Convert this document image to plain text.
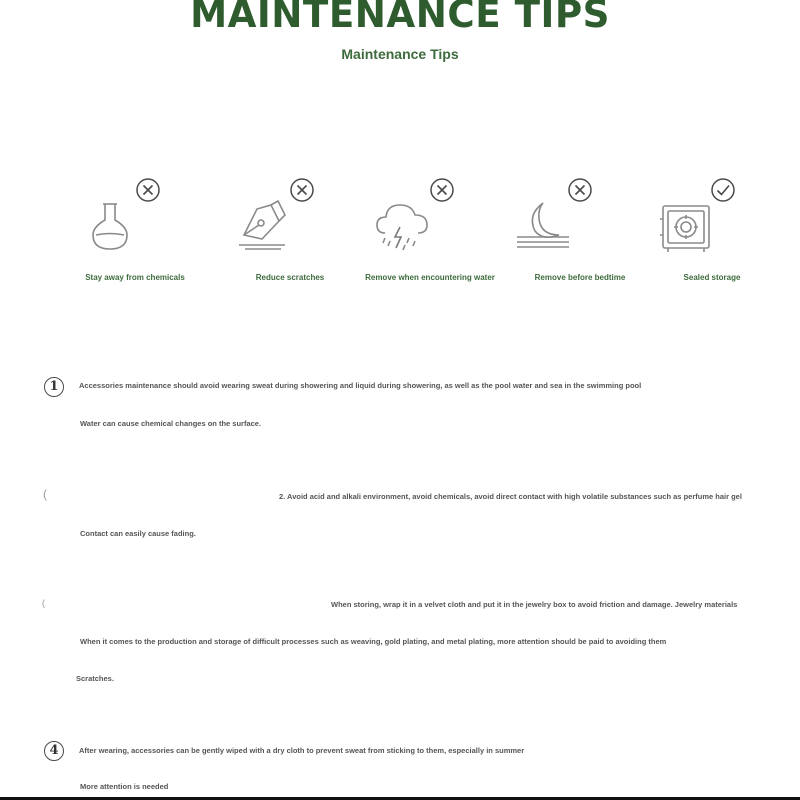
MAINTENANCE TIPS
Maintenance Tips
Stay away from chemicals	Reduce scratches	Remove when encountering water	Remove before bedtime	Sealed storage
1	Accessories maintenance should avoid wearing sweat during showering and liquid during showering, as well as the pool water and sea in the swimming pool
Water can cause chemical changes on the surface.
(	2. Avoid acid and alkali environment, avoid chemicals, avoid direct contact with high volatile substances such as perfume hair gel
Contact can easily cause fading.
(	When storing, wrap it in a velvet cloth and put it in the jewelry box to avoid friction and damage. Jewelry materials
When it comes to the production and storage of difficult processes such as weaving, gold plating, and metal plating, more attention should be paid to avoiding them
Scratches.
4	After wearing, accessories can be gently wiped with a dry cloth to prevent sweat from sticking to them, especially in summer
More attention is needed
